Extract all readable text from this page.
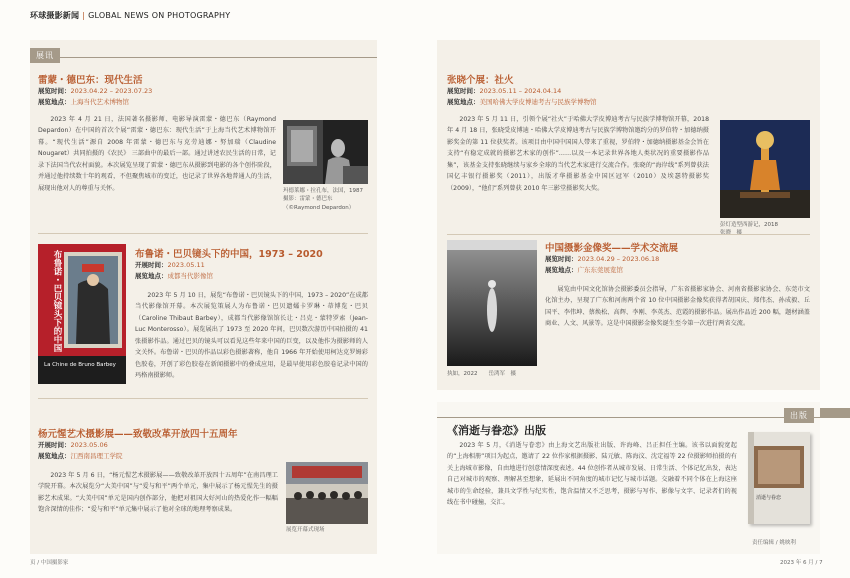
环球摄影新闻 | GLOBAL NEWS ON PHOTOGRAPHY
展讯
雷蒙・德巴东：现代生活
展览时间：2023.04.22 – 2023.07.23
展览地点：上海当代艺术博物馆
2023 年 4 月 21 日，法国著名摄影师、电影导演雷蒙・德巴东（Raymond Depardon）在中国的首次个展“雷蒙・德巴东：现代生活”于上海当代艺术博物馆开幕。“现代生活”源自 2008 年雷蒙・德巴东与克劳迪娜・努加瑞（Claudine Nougaret）共同拍摄的《农民》 三部曲中的最后一部。通过讲述农民生活的日常，记录下法国当代农村面貌。本次展览呈现了雷蒙・德巴东从摄影到电影的各个创作阶段，并通过他持续数十年的观看，不但聚焦城市的变迁，也记录了世界各地普通人的生活，展现出他对人的尊重与关怀。	玛德莱娜・拉孔布，法国，1987
摄影：雷蒙・德巴东
（©Raymond Depardon）
布鲁诺・巴贝镜头下的中国
La Chine de Bruno Barbey
布鲁诺・巴贝镜头下的中国，1973 – 2020
开展时间：2023.05.11
展览地点：成都当代影像馆
2023 年 5 月 10 日，展览“布鲁诺・巴贝镜头下的中国，1973 – 2020”在成都当代影像馆开幕。本次展览策展人为布鲁诺・巴贝遗孀卡罗琳・蒂博览・巴贝（Caroline Thibaut Barbey），成都当代影像馆馆长让・吕克・蒙特罗索（Jean-Luc Monterosso）。展览展出了 1973 至 2020 年间，巴贝数次游历中国拍摄的 41 张摄影作品。通过巴贝的镜头可以看见这些年来中国的巨变，以及他作为摄影师的人文关怀。布鲁诺・巴贝的作品以彩色摄影著称，他自 1966 年开始使用柯达克罗姆彩色胶卷，开创了彩色胶卷在新闻摄影中的叠成应用，是最早使用彩色胶卷记录中国的玛格南摄影师。
杨元惺艺术摄影展——致敬改革开放四十五周年
开展时间：2023.05.06
展览地点：江西南昌理工学院
2023 年 5 月 6 日，“杨元惺艺术摄影展——致敬改革开放四十五周年”在南昌理工学院开幕。本次展览分“大美中国”与“爱与和平”两个单元，集中展示了杨元惺先生的摄影艺术成果。“大美中国”单元是国内创作部分，他把对祖国大好河山的热爱化作一幅幅饱含深情的佳作；“爱与和平”单元集中展示了他对全球的地理考察成果。
展览开幕式现场
张晓个展：社火
展览时间：2023.05.11 – 2024.04.14
展览地点：美国哈佛大学皮博迪考古与民族学博物馆
2023 年 5 月 11 日，引领个展“社火”于哈佛大学皮博迪考古与民族学博物馆开幕，2018 年 4 月 18 日，张晓受皮博迪・哈佛大学皮博迪考古与民族学博物馆邀约分的罗伯特・加德纳摄影奖金的第 11 位获奖者。该项目由中国中国国人带来了重视，罗伯特・加德纳摄影基金会旨在支持“有稳定成就的摄影艺术家的创作”……以及一本记录世界各地人类状况的重要摄影作品集”，该基金支持张晓继续与家乡全球的当代艺术家进行交流合作。张晓的“海岸线”系列曾获法国亿丰银行摄影奖（2011），出版才华摄影基金中国区冠军（2010）及埃瑟特摄影奖（2009），“他们”系列曾获 2010 年三影堂摄影奖大奖。
彭灯造型西游记，2018
执如，2022　　岳鸿军　摄
中国摄影金像奖——学术交流展
展览时间：2023.04.29 – 2023.06.18
展览地点：广东东莞展览馆
展览由中国文化馆协会摄影委员会指导，广东省摄影家协会、河南省摄影家协会、东莞市文化馆主办，呈现了广东和河南两个省 10 位中国摄影金像奖获得者胡国庆、郑伟杰、孙成毅、丘国平、李伟坤、蔡焕松、高辉、李刚、李英杰、范霞的摄影作品。展出作品近 200 幅，题材涵盖商业、人文、风景等。这是中国摄影金像奖诞生至今第一次进行两省交流。
出版
《消逝与眷恋》出版
2023 年 5 月，《消逝与眷恋》由上海文艺出版社出版、许海峰、吕正担任主编。该书以面貌宽起的“上海相册”项目为起点，邀请了 22 位作家根据摄影、陆元敏、陈海汶、沈定福等 22 位摄影师拍摄的有关上海城市影像，自由地进行创意情深度表述。44 位创作者从城市发展、日常生活、个体记忆出发，表达自己对城市的观察、理解甚至想象，延展出不同角度的城市记忆与城市话题。交融着不同个体在上海这座城市的生命经验，兼具文学性与纪实性，饱含温情又不乏思考，摄影与写作、影像与文字、记录者们的视线在书中碰撞，交汇。
消逝与眷恋
页 / 中国摄影家
责任编辑 / 姚映利
2023 年 6 月 / 7
